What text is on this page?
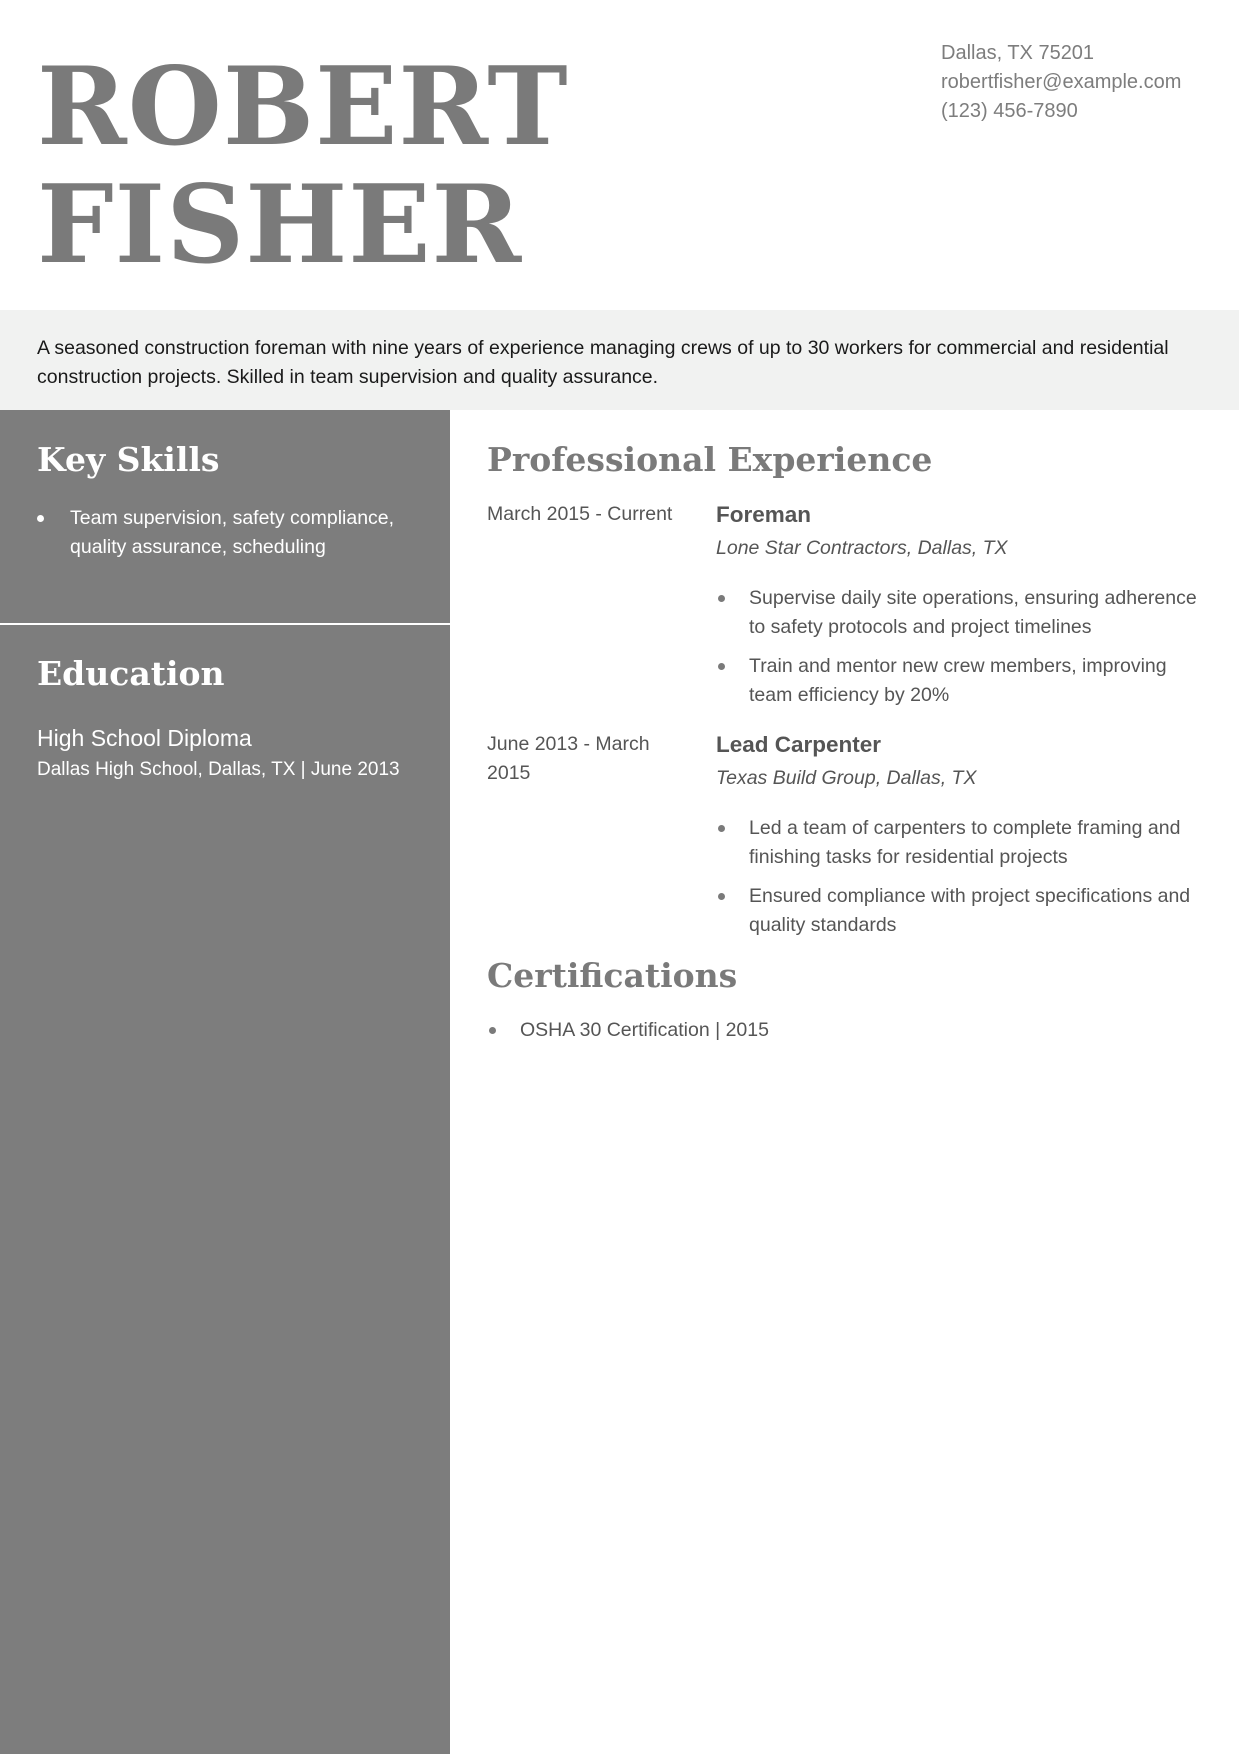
ROBERT
FISHER
Dallas, TX 75201
robertfisher@example.com
(123) 456-7890
A seasoned construction foreman with nine years of experience managing crews of up to 30 workers for commercial and residential construction projects. Skilled in team supervision and quality assurance.
Key Skills
Team supervision, safety compliance, quality assurance, scheduling
Education
High School Diploma
Dallas High School, Dallas, TX | June 2013
Professional Experience
March 2015 - Current Foreman
Lone Star Contractors, Dallas, TX
Supervise daily site operations, ensuring adherence to safety protocols and project timelines
Train and mentor new crew members, improving team efficiency by 20%
June 2013 - March 2015
Lead Carpenter
Texas Build Group, Dallas, TX
Led a team of carpenters to complete framing and finishing tasks for residential projects
Ensured compliance with project specifications and quality standards
Certifications
OSHA 30 Certification | 2015
